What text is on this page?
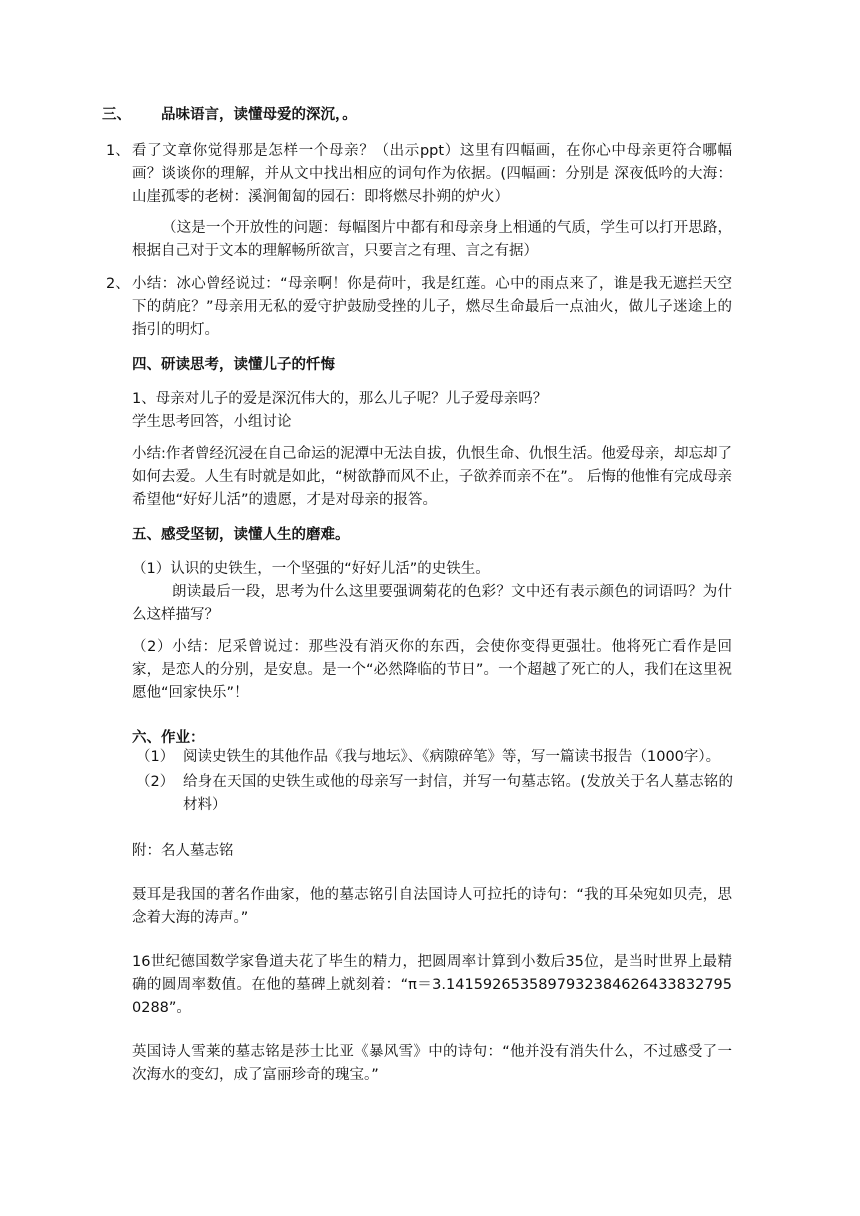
三、 品味语言，读懂母爱的深沉，。
1、 看了文章你觉得那是怎样一个母亲？（出示ppt）这里有四幅画，在你心中母亲更符合哪幅画？谈谈你的理解，并从文中找出相应的词句作为依据。(四幅画：分别是 深夜低吟的大海：山崖孤零的老树：溪涧匍匐的园石：即将燃尽扑朔的炉火）

（这是一个开放性的问题：每幅图片中都有和母亲身上相通的气质，学生可以打开思路，根据自己对于文本的理解畅所欲言，只要言之有理、言之有据）

2、 小结：冰心曾经说过：“母亲啊！你是荷叶，我是红莲。心中的雨点来了，谁是我无遮拦天空下的荫庇？”母亲用无私的爱守护鼓励受挫的儿子，燃尽生命最后一点油火，做儿子迷途上的指引的明灯。

四、研读思考，读懂儿子的忏悔
1、母亲对儿子的爱是深沉伟大的，那么儿子呢？儿子爱母亲吗？
学生思考回答，小组讨论

小结:作者曾经沉浸在自己命运的泥潭中无法自拔，仇恨生命、仇恨生活。他爱母亲，却忘却了如何去爱。人生有时就是如此，“树欲静而风不止，子欲养而亲不在”。 后悔的他惟有完成母亲希望他“好好儿活”的遗愿，才是对母亲的报答。

五、感受坚韧，读懂人生的磨难。
（1）认识的史铁生，一个坚强的“好好儿活”的史铁生。

朗读最后一段，思考为什么这里要强调菊花的色彩？文中还有表示颜色的词语吗？为什么这样描写？

（2）小结：尼采曾说过：那些没有消灭你的东西，会使你变得更强壮。他将死亡看作是回家，是恋人的分别，是安息。是一个“必然降临的节日”。一个超越了死亡的人，我们在这里祝愿他“回家快乐”！

六、作业：
（1） 阅读史铁生的其他作品《我与地坛》、《病隙碎笔》等，写一篇读书报告（1000字）。

（2） 给身在天国的史铁生或他的母亲写一封信，并写一句墓志铭。(发放关于名人墓志铭的材料）

附：名人墓志铭

聂耳是我国的著名作曲家，他的墓志铭引自法国诗人可拉托的诗句：“我的耳朵宛如贝壳，思念着大海的涛声。”

16世纪德国数学家鲁道夫花了毕生的精力，把圆周率计算到小数后35位，是当时世界上最精确的圆周率数值。在他的墓碑上就刻着：“π＝3.14159265358979323846264338327950288”。

英国诗人雪莱的墓志铭是莎士比亚《暴风雪》中的诗句：“他并没有消失什么，不过感受了一次海水的变幻，成了富丽珍奇的瑰宝。”
